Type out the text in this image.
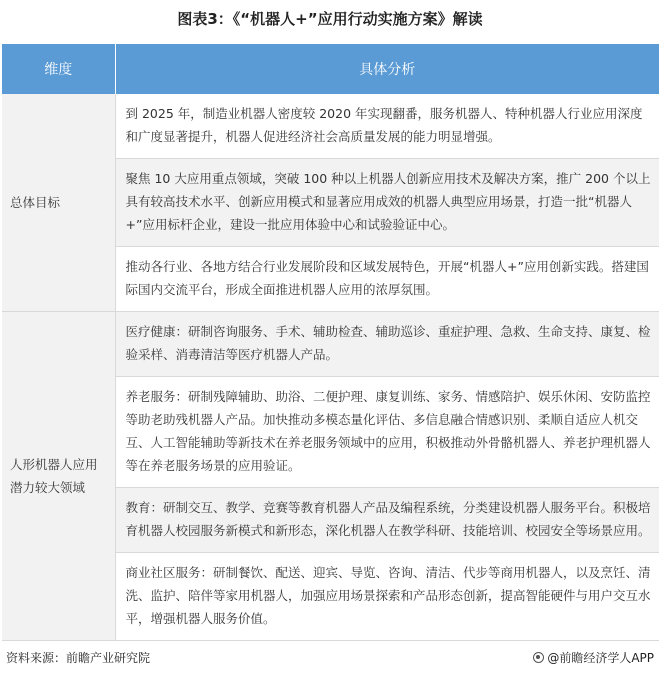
图表3：《“机器人+”应用行动实施方案》解读
维度	具体分析
总体目标	到 2025 年，制造业机器人密度较 2020 年实现翻番，服务机器人、特种机器人行业应用深度和广度显著提升，机器人促进经济社会高质量发展的能力明显增强。
	聚焦 10 大应用重点领域，突破 100 种以上机器人创新应用技术及解决方案，推广 200 个以上具有较高技术水平、创新应用模式和显著应用成效的机器人典型应用场景，打造一批“机器人+”应用标杆企业，建设一批应用体验中心和试验验证中心。
	推动各行业、各地方结合行业发展阶段和区域发展特色，开展“机器人+”应用创新实践。搭建国际国内交流平台，形成全面推进机器人应用的浓厚氛围。
人形机器人应用潜力较大领域	医疗健康：研制咨询服务、手术、辅助检查、辅助巡诊、重症护理、急救、生命支持、康复、检验采样、消毒清洁等医疗机器人产品。
	养老服务：研制残障辅助、助浴、二便护理、康复训练、家务、情感陪护、娱乐休闲、安防监控等助老助残机器人产品。加快推动多模态量化评估、多信息融合情感识别、柔顺自适应人机交互、人工智能辅助等新技术在养老服务领域中的应用，积极推动外骨骼机器人、养老护理机器人等在养老服务场景的应用验证。
	教育：研制交互、教学、竞赛等教育机器人产品及编程系统，分类建设机器人服务平台。积极培育机器人校园服务新模式和新形态，深化机器人在教学科研、技能培训、校园安全等场景应用。
	商业社区服务：研制餐饮、配送、迎宾、导览、咨询、清洁、代步等商用机器人，以及烹饪、清洗、监护、陪伴等家用机器人，加强应用场景探索和产品形态创新，提高智能硬件与用户交互水平，增强机器人服务价值。
资料来源：前瞻产业研究院	@前瞻经济学人APP
